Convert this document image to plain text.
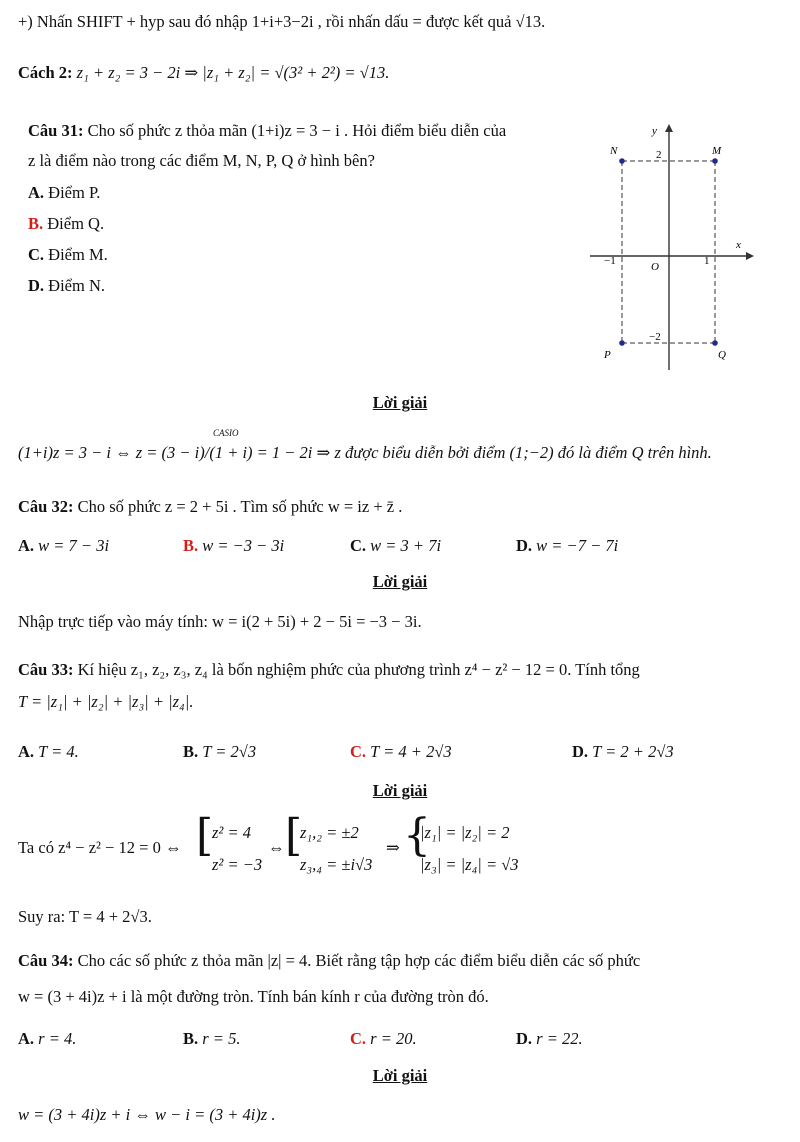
+) Nhấn SHIFT + hyp sau đó nhập 1+i+3−2i , rồi nhấn dấu = được kết quả √13.
Cách 2: z₁ + z₂ = 3 − 2i ⇒ |z₁ + z₂| = √(3² + 2²) = √13.
Câu 31: Cho số phức z thỏa mãn (1+i)z = 3 − i . Hỏi điểm biểu diễn của
z là điểm nào trong các điểm M, N, P, Q ở hình bên?
A. Điểm P.
B. Điểm Q.
C. Điểm M.
D. Điểm N.
y
x
O
2
−2
−1	1
N	M
P	Q
Lời giải
(1+i)z = 3 − i ⇔ z = (3 − i)/(1 + i) = 1 − 2i ⇒ z được biểu diễn bởi điểm (1;−2) đó là điểm Q trên hình.
CASIO
Câu 32: Cho số phức z = 2 + 5i . Tìm số phức w = iz + z̄ .
A. w = 7 − 3i	B. w = −3 − 3i	C. w = 3 + 7i	D. w = −7 − 7i
Lời giải
Nhập trực tiếp vào máy tính: w = i(2 + 5i) + 2 − 5i = −3 − 3i.
Câu 33: Kí hiệu z₁, z₂, z₃, z₄ là bốn nghiệm phức của phương trình z⁴ − z² − 12 = 0. Tính tổng
T = |z₁| + |z₂| + |z₃| + |z₄|.
A. T = 4.	B. T = 2√3	C. T = 4 + 2√3	D. T = 2 + 2√3
Lời giải
Ta có z⁴ − z² − 12 = 0 ⇔ [
z² = 4
z² = −3
⇔ [
z₁,₂ = ±2
z₃,₄ = ±i√3
⇒ {
|z₁| = |z₂| = 2
|z₃| = |z₄| = √3
Suy ra: T = 4 + 2√3.
Câu 34: Cho các số phức z thỏa mãn |z| = 4. Biết rằng tập hợp các điểm biểu diễn các số phức
w = (3 + 4i)z + i là một đường tròn. Tính bán kính r của đường tròn đó.
A. r = 4.	B. r = 5.	C. r = 20.	D. r = 22.
Lời giải
w = (3 + 4i)z + i ⇔ w − i = (3 + 4i)z .
